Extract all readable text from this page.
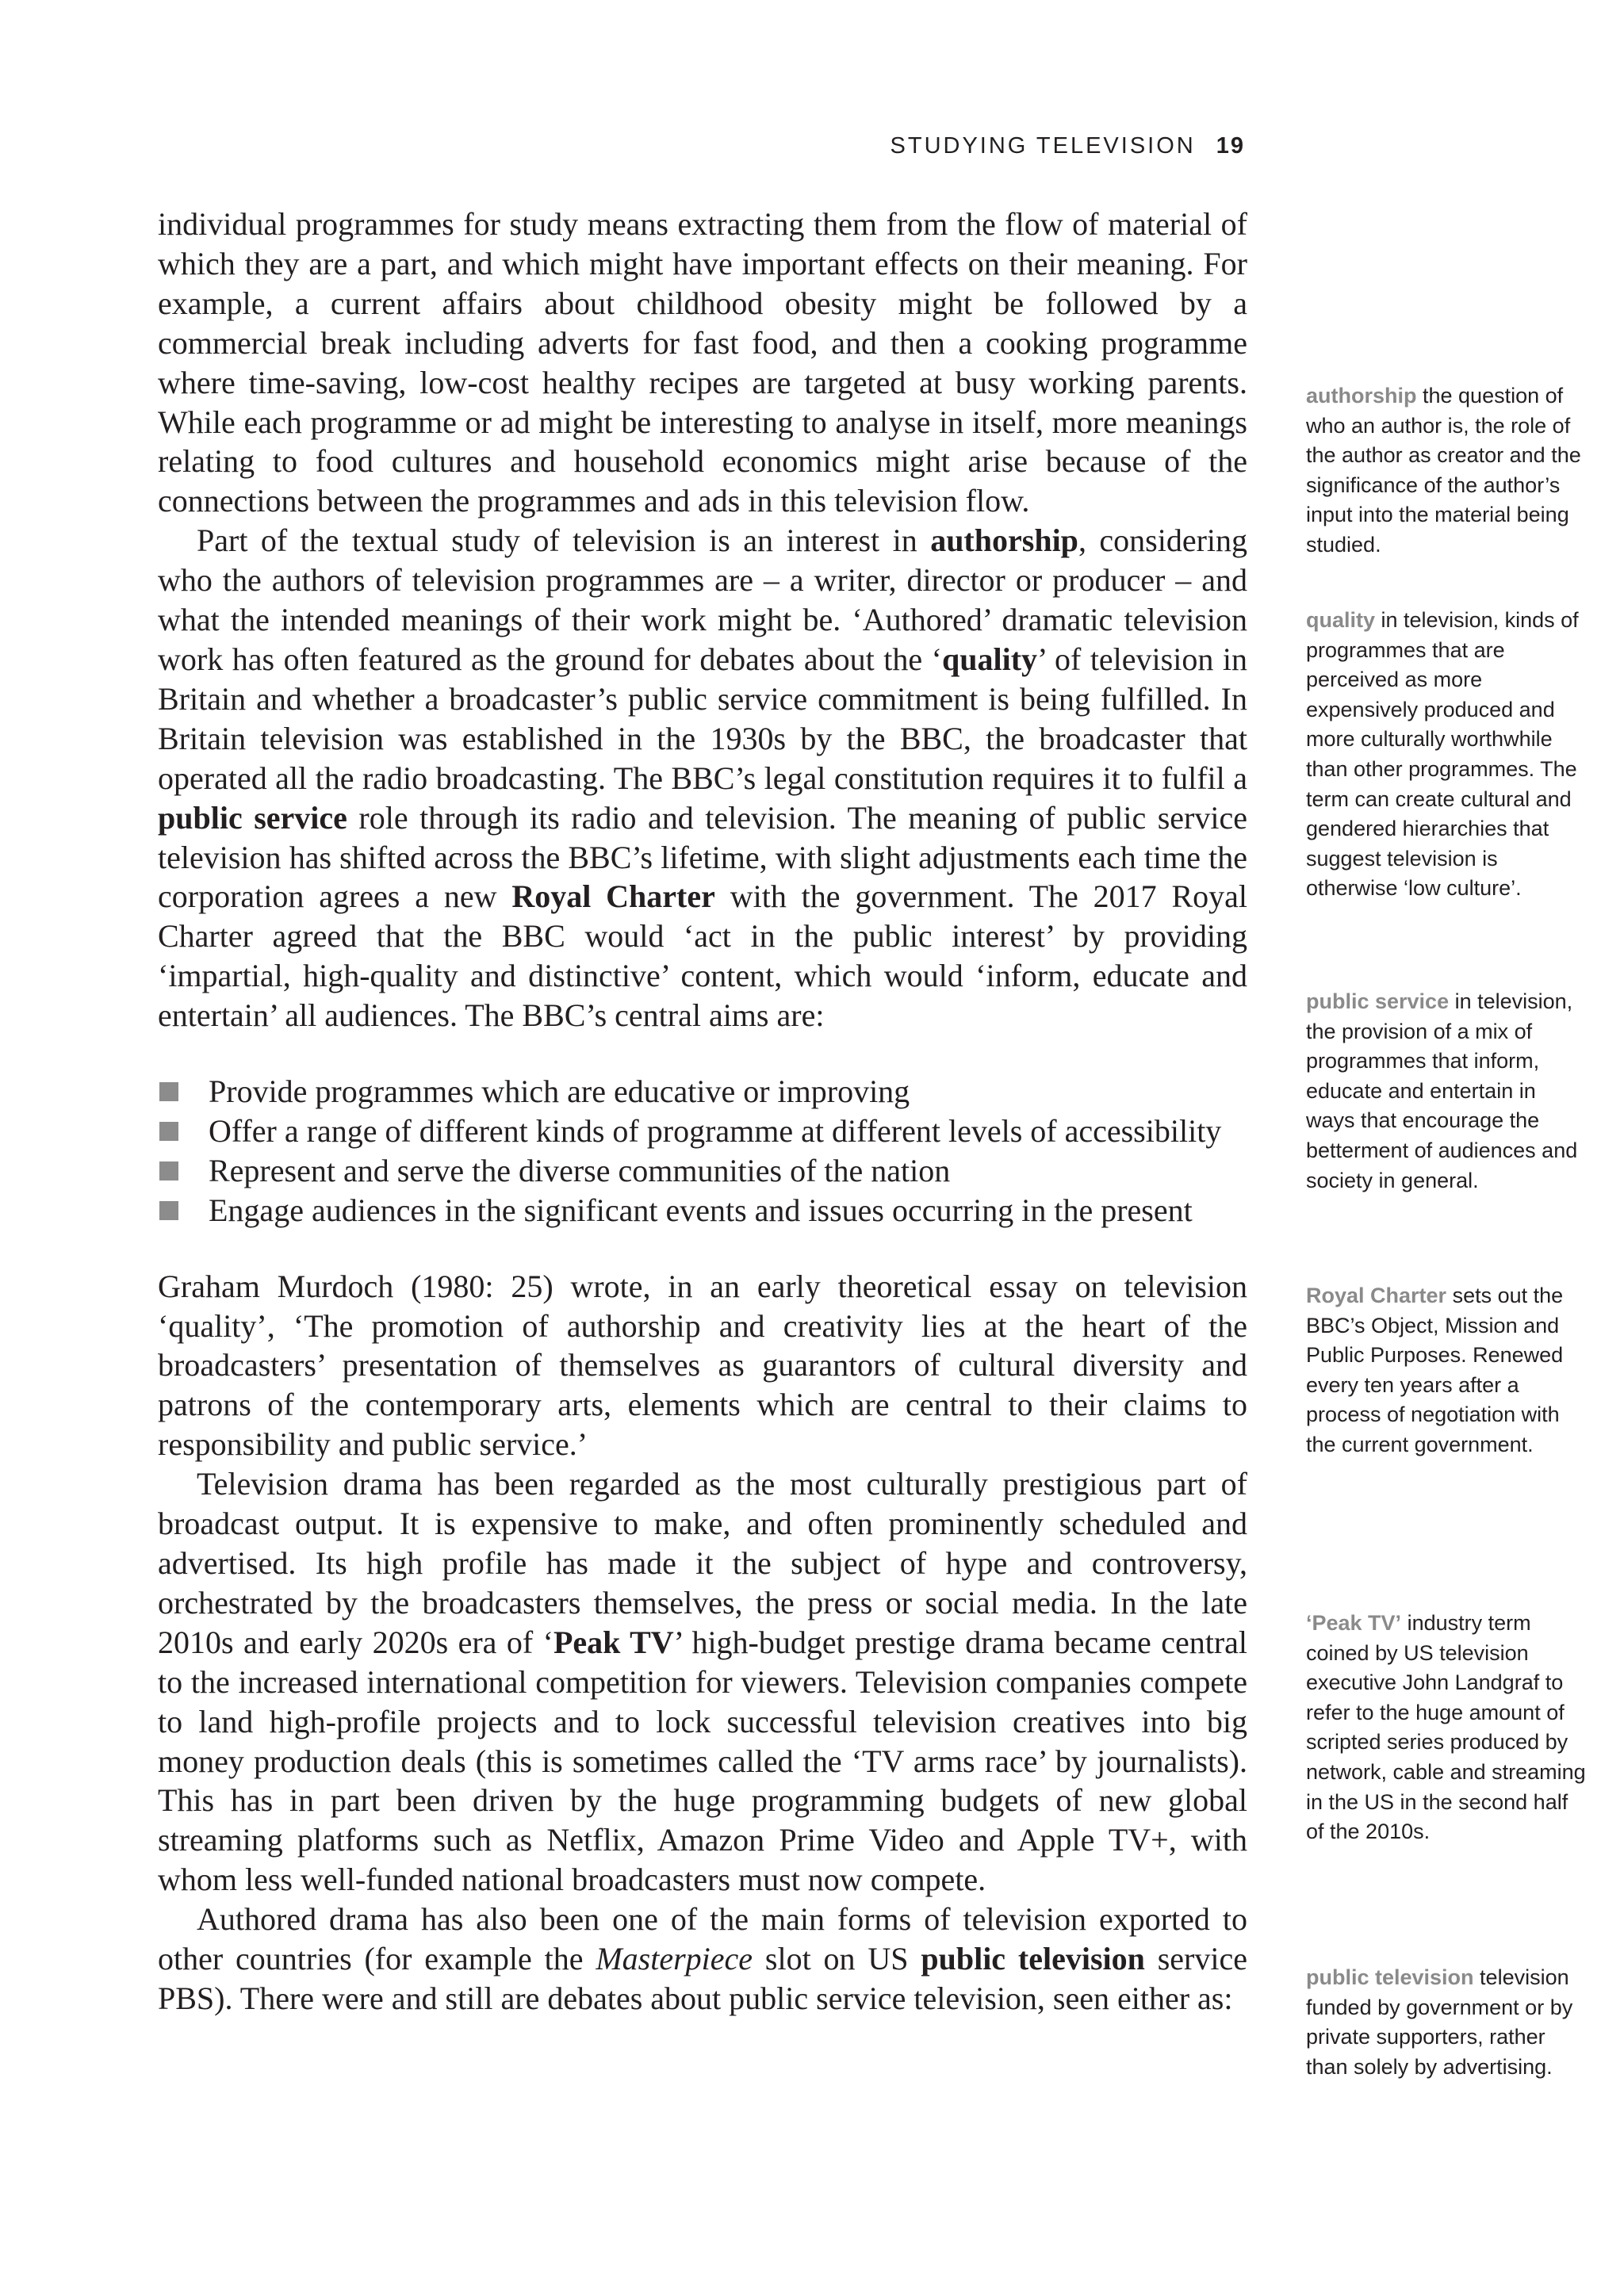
STUDYING TELEVISION 19

individual programmes for study means extracting them from the flow of material of which they are a part, and which might have important effects on their meaning. For example, a current affairs about childhood obesity might be followed by a commercial break including adverts for fast food, and then a cooking programme where time-saving, low-cost healthy recipes are targeted at busy working parents. While each programme or ad might be interesting to analyse in itself, more meanings relating to food cultures and household economics might arise because of the connections between the programmes and ads in this television flow.

Part of the textual study of television is an interest in authorship, considering who the authors of television programmes are – a writer, director or producer – and what the intended meanings of their work might be. ‘Authored’ dramatic television work has often featured as the ground for debates about the ‘quality’ of television in Britain and whether a broadcaster’s public service commitment is being fulfilled. In Britain television was established in the 1930s by the BBC, the broadcaster that operated all the radio broadcasting. The BBC’s legal constitution requires it to fulfil a public service role through its radio and television. The meaning of public service television has shifted across the BBC’s lifetime, with slight adjustments each time the corporation agrees a new Royal Charter with the government. The 2017 Royal Charter agreed that the BBC would ‘act in the public interest’ by providing ‘impartial, high-quality and distinctive’ content, which would ‘inform, educate and entertain’ all audiences. The BBC’s central aims are:

Provide programmes which are educative or improving
Offer a range of different kinds of programme at different levels of accessibility
Represent and serve the diverse communities of the nation
Engage audiences in the significant events and issues occurring in the present

Graham Murdoch (1980: 25) wrote, in an early theoretical essay on television ‘quality’, ‘The promotion of authorship and creativity lies at the heart of the broadcasters’ presentation of themselves as guarantors of cultural diversity and patrons of the contemporary arts, elements which are central to their claims to responsibility and public service.’

Television drama has been regarded as the most culturally prestigious part of broadcast output. It is expensive to make, and often prominently scheduled and advertised. Its high profile has made it the subject of hype and controversy, orchestrated by the broadcasters themselves, the press or social media. In the late 2010s and early 2020s era of ‘Peak TV’ high-budget prestige drama became central to the increased international competition for viewers. Television companies compete to land high-profile projects and to lock successful television creatives into big money production deals (this is sometimes called the ‘TV arms race’ by journalists). This has in part been driven by the huge programming budgets of new global streaming platforms such as Netflix, Amazon Prime Video and Apple TV+, with whom less well-funded national broadcasters must now compete.

Authored drama has also been one of the main forms of television exported to other countries (for example the Masterpiece slot on US public television service PBS). There were and still are debates about public service television, seen either as:

authorship the question of who an author is, the role of the author as creator and the significance of the author’s input into the material being studied.
quality in television, kinds of programmes that are perceived as more expensively produced and more culturally worthwhile than other programmes. The term can create cultural and gendered hierarchies that suggest television is otherwise ‘low culture’.
public service in television, the provision of a mix of programmes that inform, educate and entertain in ways that encourage the betterment of audiences and society in general.
Royal Charter sets out the BBC’s Object, Mission and Public Purposes. Renewed every ten years after a process of negotiation with the current government.
‘Peak TV’ industry term coined by US television executive John Landgraf to refer to the huge amount of scripted series produced by network, cable and streaming in the US in the second half of the 2010s.
public television television funded by government or by private supporters, rather than solely by advertising.
